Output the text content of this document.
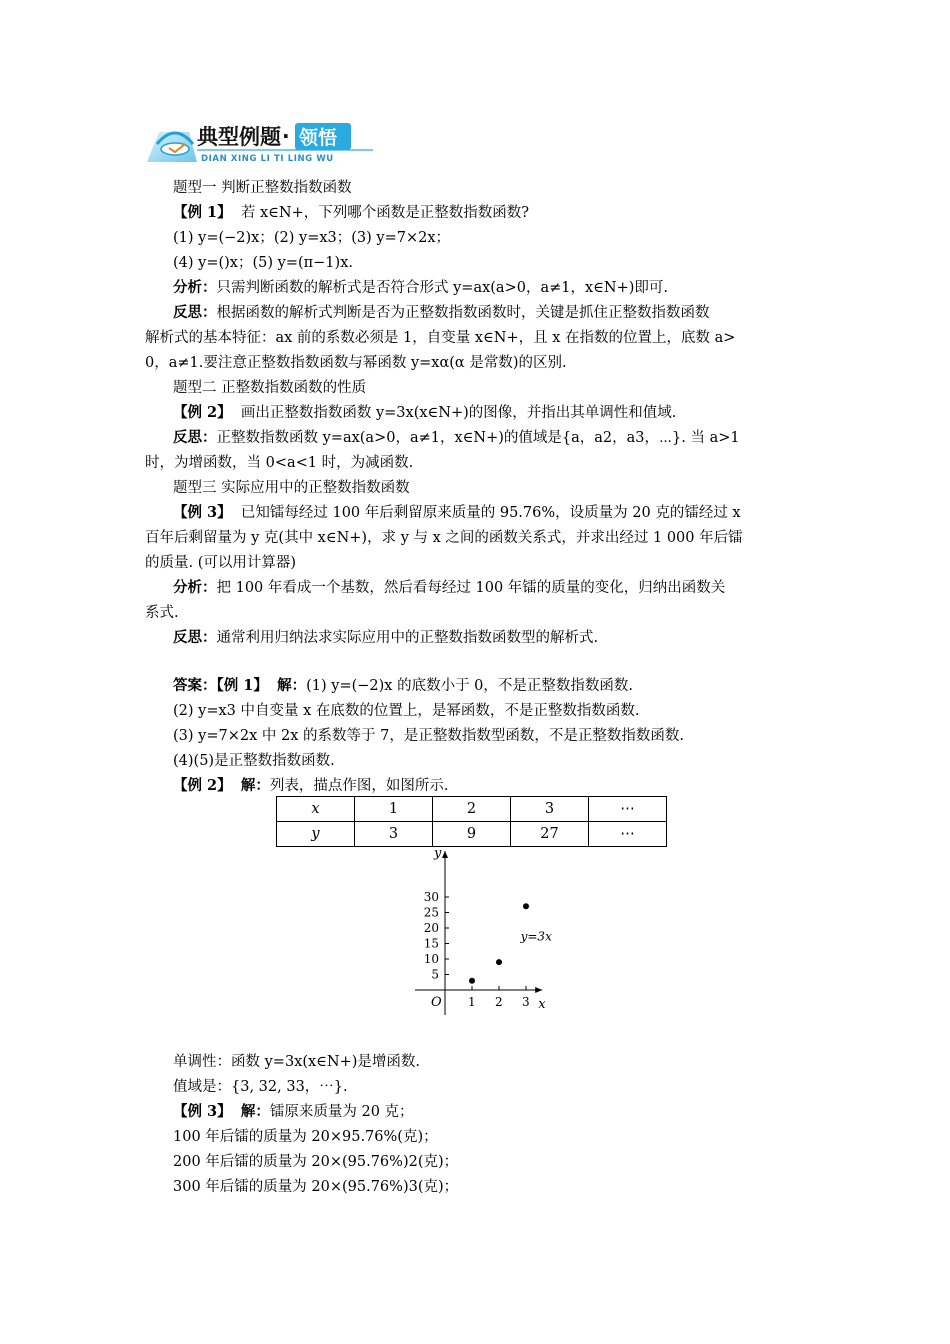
典型例题 · 领悟
DIAN XING LI TI LING WU
题型一 判断正整数指数函数
【例 1】 若 x∈N+，下列哪个函数是正整数指数函数?
(1) y=(−2)x；(2) y=x3；(3) y=7×2x；
(4) y=()x；(5) y=(π−1)x.
分析：只需判断函数的解析式是否符合形式 y=ax(a>0，a≠1，x∈N+)即可.
反思：根据函数的解析式判断是否为正整数指数函数时，关键是抓住正整数指数函数
解析式的基本特征：ax 前的系数必须是 1，自变量 x∈N+，且 x 在指数的位置上，底数 a>
0，a≠1.要注意正整数指数函数与幂函数 y=xα(α 是常数)的区别.
题型二 正整数指数函数的性质
【例 2】 画出正整数指数函数 y=3x(x∈N+)的图像，并指出其单调性和值域.
反思：正整数指数函数 y=ax(a>0，a≠1，x∈N+)的值域是{a，a2，a3，⋯}. 当 a>1
时，为增函数，当 0<a<1 时，为减函数.
题型三 实际应用中的正整数指数函数
【例 3】 已知镭每经过 100 年后剩留原来质量的 95.76%，设质量为 20 克的镭经过 x
百年后剩留量为 y 克(其中 x∈N+)，求 y 与 x 之间的函数关系式，并求出经过 1 000 年后镭
的质量. (可以用计算器)
分析：把 100 年看成一个基数，然后看每经过 100 年镭的质量的变化，归纳出函数关
系式.
反思：通常利用归纳法求实际应用中的正整数指数函数型的解析式.
答案：【例 1】 解：(1) y=(−2)x 的底数小于 0，不是正整数指数函数.
(2) y=x3 中自变量 x 在底数的位置上，是幂函数，不是正整数指数函数.
(3) y=7×2x 中 2x 的系数等于 7，是正整数指数型函数，不是正整数指数函数.
(4)(5)是正整数指数函数.
【例 2】 解：列表，描点作图，如图所示.
x	1	2	3	⋯
y	3	9	27	⋯
x
y
O 1 2 3
5
10
15
20
25
30
y=3x
单调性：函数 y=3x(x∈N+)是增函数.
值域是：{3, 32, 33，⋯}.
【例 3】 解：镭原来质量为 20 克；
100 年后镭的质量为 20×95.76%(克)；
200 年后镭的质量为 20×(95.76%)2(克)；
300 年后镭的质量为 20×(95.76%)3(克)；
